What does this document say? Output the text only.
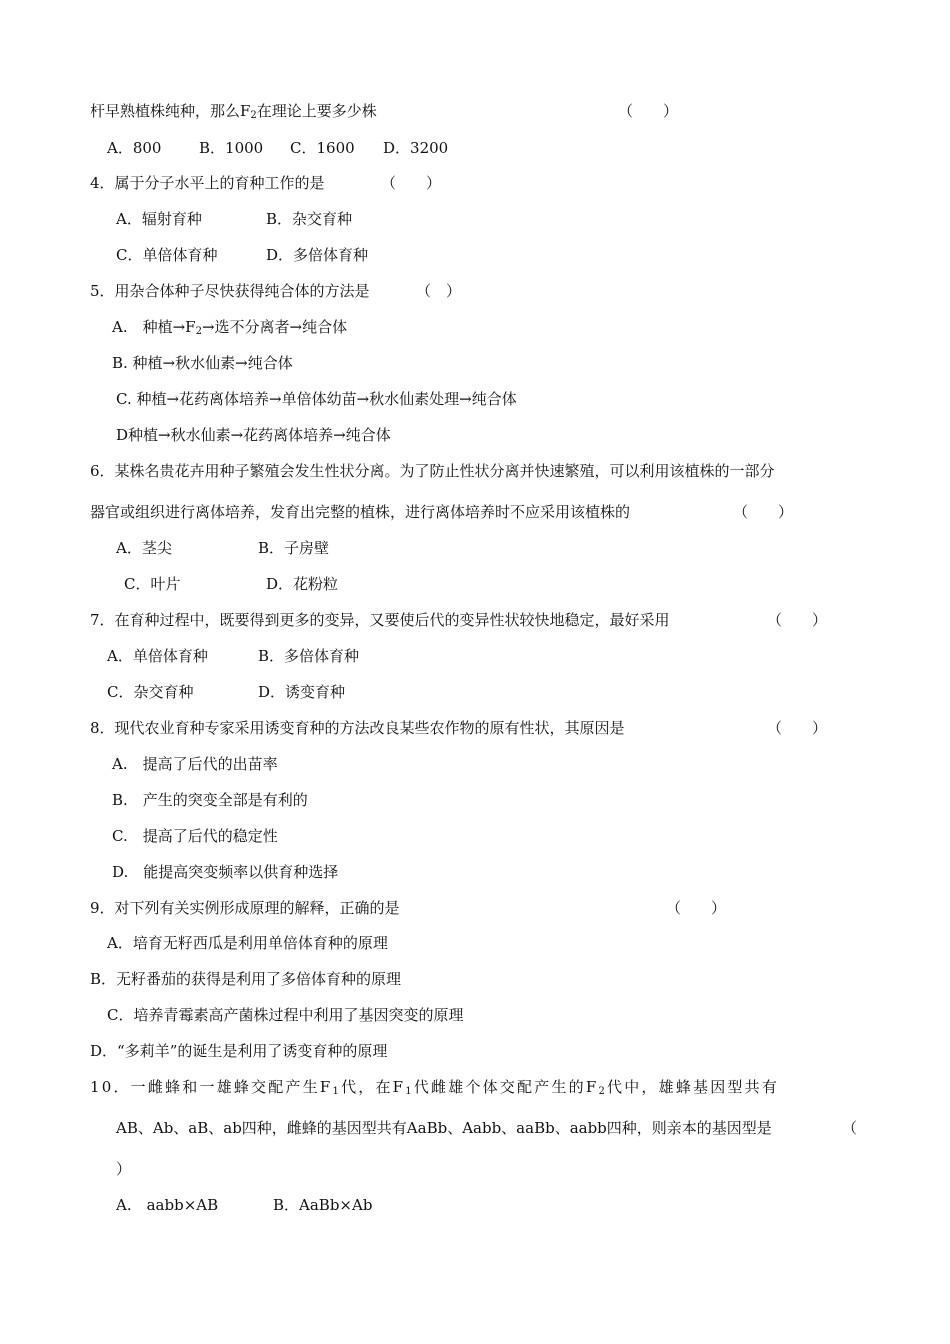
杆早熟植株纯种，那么$F_2$在理论上要多少株	（　　）
A．800	B．1000 C．1600 D．3200
4．属于分子水平上的育种工作的是	（　　）
A．辐射育种	B．杂交育种
C．单倍体育种	D．多倍体育种
5．用杂合体种子尽快获得纯合体的方法是	（　）
A.　种植$\to F_2\to$选不分离者→纯合体
B. 种植→秋水仙素→纯合体
C. 种植→花药离体培养→单倍体幼苗→秋水仙素处理→纯合体
D种植→秋水仙素→花药离体培养→纯合体
6．某株名贵花卉用种子繁殖会发生性状分离。为了防止性状分离并快速繁殖，可以利用该植株的一部分
器官或组织进行离体培养，发育出完整的植株，进行离体培养时不应采用该植株的	（　　）
A．茎尖	B．子房壁
C．叶片	D．花粉粒
7．在育种过程中，既要得到更多的变异，又要使后代的变异性状较快地稳定，最好采用	（　　）
A．单倍体育种	B．多倍体育种
C．杂交育种	D．诱变育种
8．现代农业育种专家采用诱变育种的方法改良某些农作物的原有性状，其原因是	（　　）
A.　提高了后代的出苗率
B.　产生的突变全部是有利的
C.　提高了后代的稳定性
D.　能提高突变频率以供育种选择
9．对下列有关实例形成原理的解释，正确的是	（　　）
A．培育无籽西瓜是利用单倍体育种的原理
B．无籽番茄的获得是利用了多倍体育种的原理
C．培养青霉素高产菌株过程中利用了基因突变的原理
D．“多莉羊”的诞生是利用了诱变育种的原理
10．一雌蜂和一雄蜂交配产生$F_1$代，在$F_1$代雌雄个体交配产生的$F_2$代中，雄蜂基因型共有
AB、Ab、aB、ab四种，雌蜂的基因型共有AaBb、Aabb、aaBb、aabb四种，则亲本的基因型是	（
）
A.　aabb×AB	B．AaBb×Ab
